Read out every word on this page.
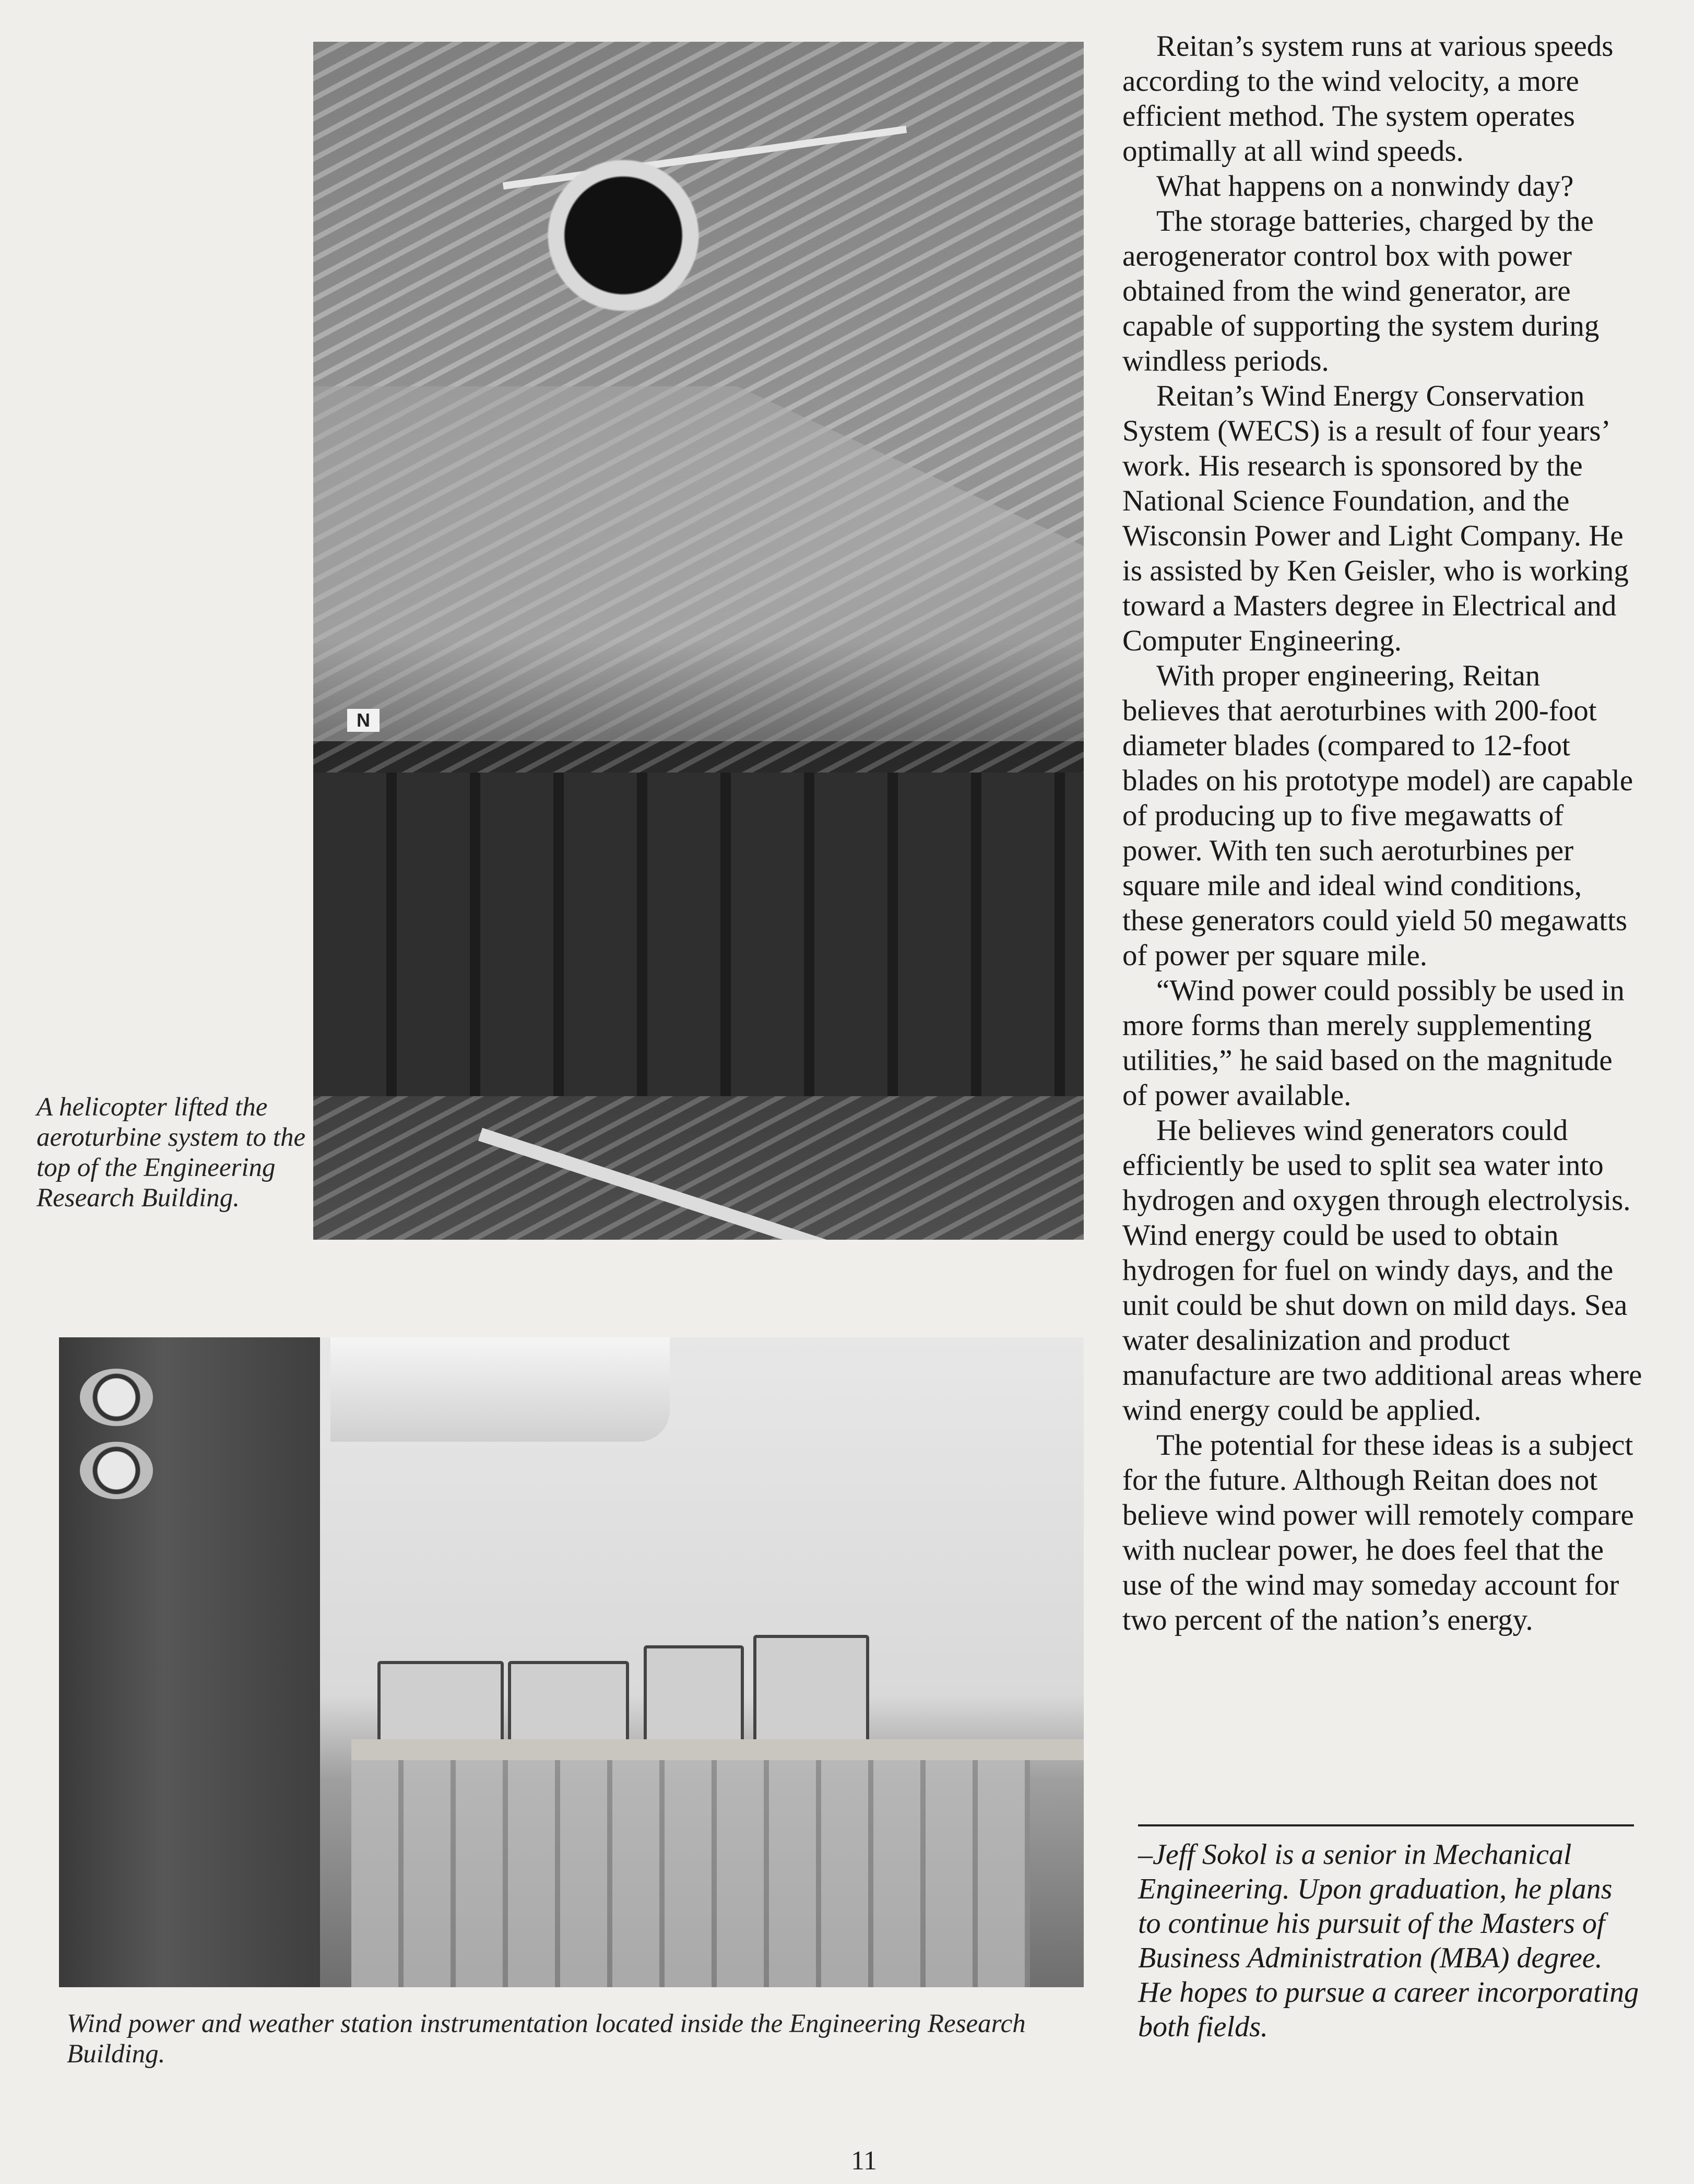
N
A helicopter lifted the aeroturbine system to the top of the Engineering Research Building.
Wind power and weather station instrumentation located inside the Engineering Research Building.

Reitan’s system runs at various speeds according to the wind velocity, a more efficient method. The system operates optimally at all wind speeds.

What happens on a nonwindy day?

The storage batteries, charged by the aerogenerator control box with power obtained from the wind generator, are capable of supporting the system during windless periods.

Reitan’s Wind Energy Conservation System (WECS) is a result of four years’ work. His research is sponsored by the National Science Foundation, and the Wisconsin Power and Light Company. He is assisted by Ken Geisler, who is working toward a Masters degree in Electrical and Computer Engineering.

With proper engineering, Reitan believes that aeroturbines with 200-foot diameter blades (compared to 12-foot blades on his prototype model) are capable of producing up to five megawatts of power. With ten such aeroturbines per square mile and ideal wind conditions, these generators could yield 50 megawatts of power per square mile.

“Wind power could possibly be used in more forms than merely supplementing utilities,” he said based on the magnitude of power available.

He believes wind generators could efficiently be used to split sea water into hydrogen and oxygen through electrolysis. Wind energy could be used to obtain hydrogen for fuel on windy days, and the unit could be shut down on mild days. Sea water desalinization and product manufacture are two additional areas where wind energy could be applied.

The potential for these ideas is a subject for the future. Although Reitan does not believe wind power will remotely compare with nuclear power, he does feel that the use of the wind may someday account for two percent of the nation’s energy.

–Jeff Sokol is a senior in Mechanical Engineering. Upon graduation, he plans to continue his pursuit of the Masters of Business Administration (MBA) degree. He hopes to pursue a career incorporating both fields.
11
